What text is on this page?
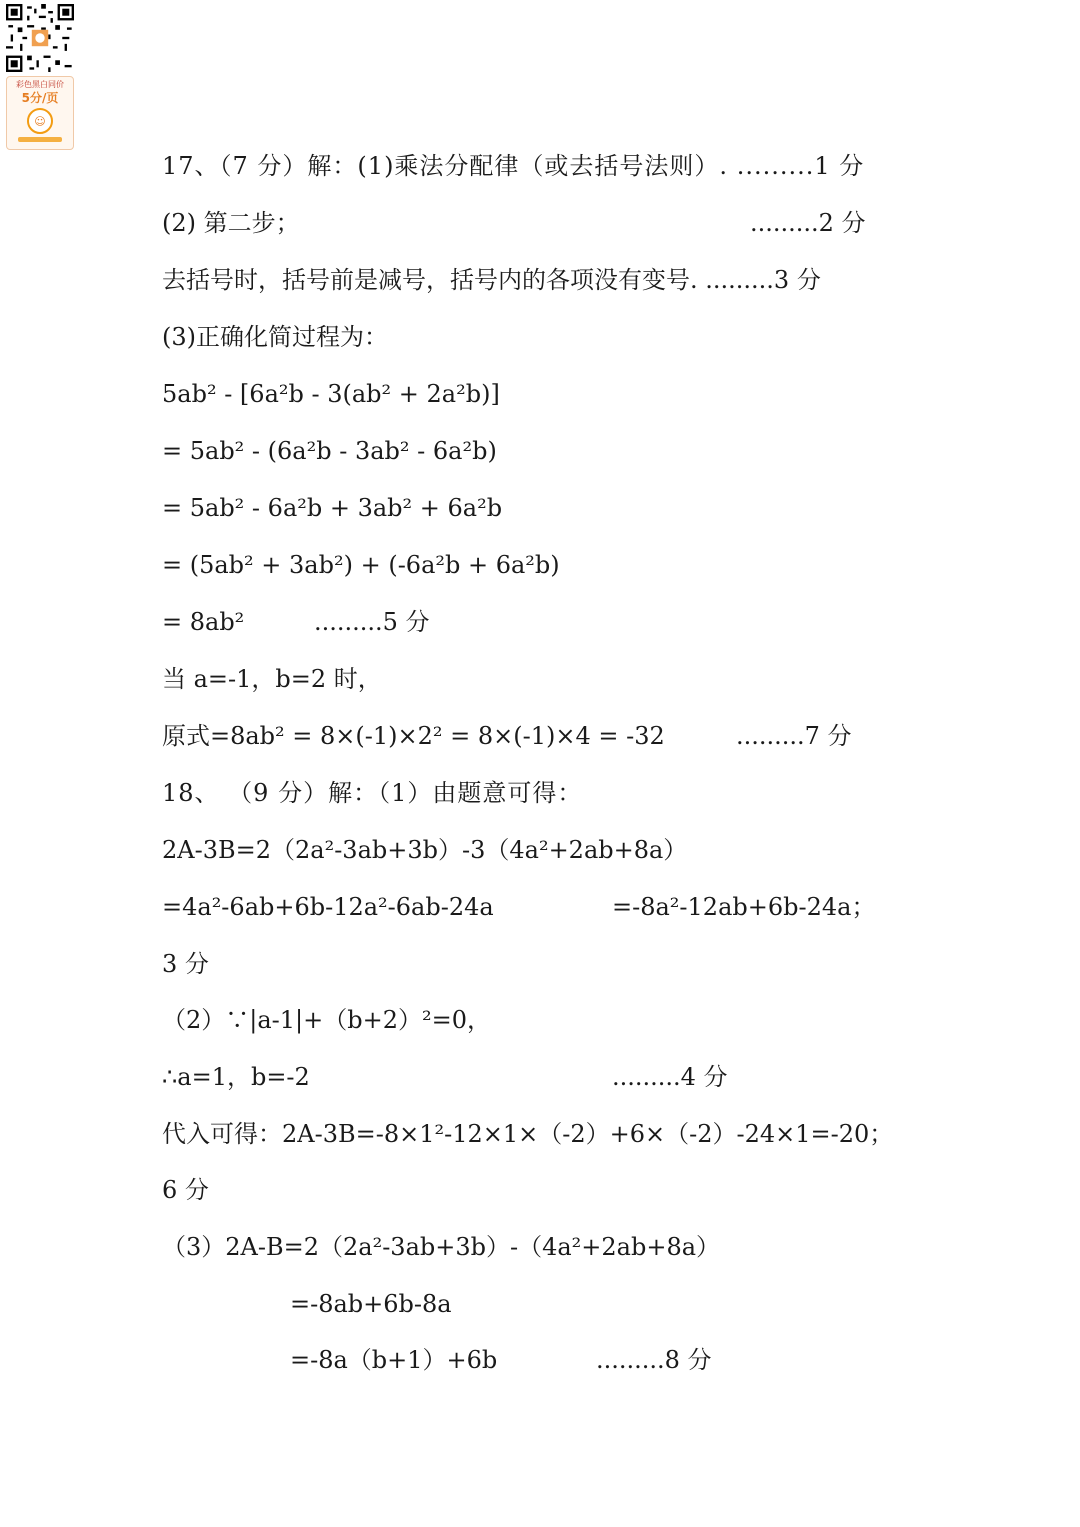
彩色黑白同价
5分/页
☺
17、（7 分）解：(1)乘法分配律（或去括号法则）. .........1 分
(2) 第二步；	.........2 分
去括号时，括号前是减号，括号内的各项没有变号. .........3 分
(3)正确化简过程为：
5ab² - [6a²b - 3(ab² + 2a²b)]
= 5ab² - (6a²b - 3ab² - 6a²b)
= 5ab² - 6a²b + 3ab² + 6a²b
= (5ab² + 3ab²) + (-6a²b + 6a²b)
= 8ab²	.........5 分
当 a=-1，b=2 时，
原式=8ab² = 8×(-1)×2² = 8×(-1)×4 = -32	.........7 分
18、 （9 分）解：（1）由题意可得：
2A-3B=2（2a²-3ab+3b）-3（4a²+2ab+8a）
=4a²-6ab+6b-12a²-6ab-24a	=-8a²-12ab+6b-24a；
3 分
（2）∵|a-1|+（b+2）²=0，
∴a=1，b=-2	.........4 分
代入可得：2A-3B=-8×1²-12×1×（-2）+6×（-2）-24×1=-20；
6 分
（3）2A-B=2（2a²-3ab+3b）-（4a²+2ab+8a）
=-8ab+6b-8a
=-8a（b+1）+6b	.........8 分
